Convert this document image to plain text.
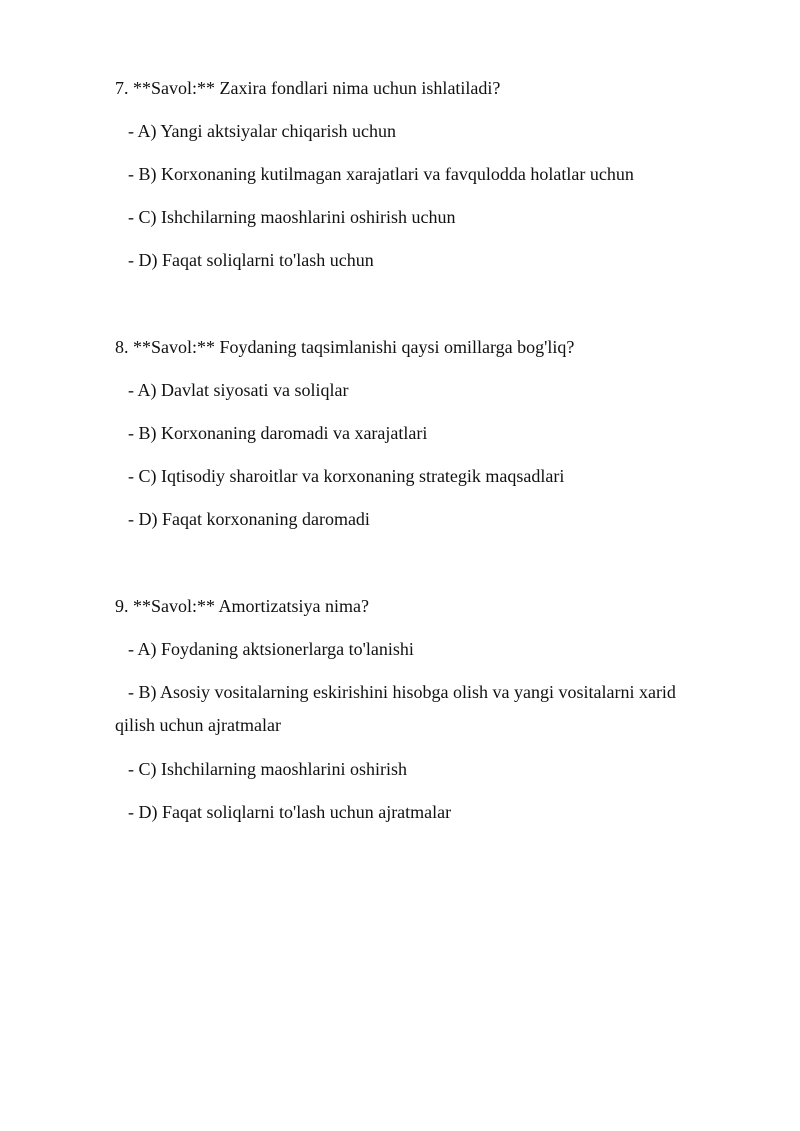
7. **Savol:** Zaxira fondlari nima uchun ishlatiladi?

- A) Yangi aktsiyalar chiqarish uchun

- B) Korxonaning kutilmagan xarajatlari va favqulodda holatlar uchun

- C) Ishchilarning maoshlarini oshirish uchun

- D) Faqat soliqlarni to'lash uchun

8. **Savol:** Foydaning taqsimlanishi qaysi omillarga bog'liq?

- A) Davlat siyosati va soliqlar

- B) Korxonaning daromadi va xarajatlari

- C) Iqtisodiy sharoitlar va korxonaning strategik maqsadlari

- D) Faqat korxonaning daromadi

9. **Savol:** Amortizatsiya nima?

- A) Foydaning aktsionerlarga to'lanishi

- B) Asosiy vositalarning eskirishini hisobga olish va yangi vositalarni xarid qilish uchun ajratmalar

- C) Ishchilarning maoshlarini oshirish

- D) Faqat soliqlarni to'lash uchun ajratmalar
